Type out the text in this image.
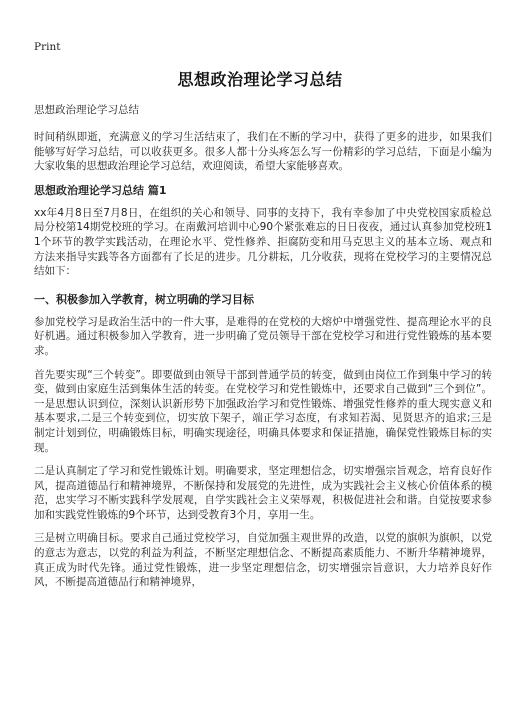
Print
思想政治理论学习总结
思想政治理论学习总结

时间稍纵即逝，充满意义的学习生活结束了，我们在不断的学习中，获得了更多的进步，如果我们能够写好学习总结，可以收获更多。很多人都十分头疼怎么写一份精彩的学习总结，下面是小编为大家收集的思想政治理论学习总结，欢迎阅读，希望大家能够喜欢。

思想政治理论学习总结 篇1

xx年4月8日至7月8日，在组织的关心和领导、同事的支持下，我有幸参加了中央党校国家质检总局分校第14期党校班的学习。在南戴河培训中心90个紧张难忘的日日夜夜，通过认真参加党校班11个环节的教学实践活动，在理论水平、党性修养、拒腐防变和用马克思主义的基本立场、观点和方法来指导实践等各方面都有了长足的进步。几分耕耘，几分收获，现将在党校学习的主要情况总结如下：

一、积极参加入学教育，树立明确的学习目标

参加党校学习是政治生活中的一件大事，是难得的在党校的大熔炉中增强党性、提高理论水平的良好机遇。通过积极参加入学教育，进一步明确了党员领导干部在党校学习和进行党性锻炼的基本要求。

首先要实现“三个转变”。即要做到由领导干部到普通学员的转变，做到由岗位工作到集中学习的转变，做到由家庭生活到集体生活的转变。在党校学习和党性锻炼中，还要求自己做到“三个到位”。一是思想认识到位，深刻认识新形势下加强政治学习和党性锻炼、增强党性修养的重大现实意义和基本要求,二是三个转变到位，切实放下架子，端正学习态度，有求知若渴、见贤思齐的追求;三是制定计划到位，明确锻炼目标，明确实现途径，明确具体要求和保证措施，确保党性锻炼目标的实现。

二是认真制定了学习和党性锻炼计划。明确要求，坚定理想信念，切实增强宗旨观念，培育良好作风，提高道德品行和精神境界，不断保持和发展党的先进性，成为实践社会主义核心价值体系的模范，忠实学习不断实践科学发展观，自学实践社会主义荣辱观，积极促进社会和谐。自觉按要求参加和实践党性锻炼的9个环节，达到受教育3个月，享用一生。

三是树立明确目标。要求自己通过党校学习，自觉加强主观世界的改造，以党的旗帜为旗帜，以党的意志为意志，以党的利益为利益，不断坚定理想信念、不断提高素质能力、不断升华精神境界，真正成为时代先锋。通过党性锻炼，进一步坚定理想信念，切实增强宗旨意识，大力培养良好作风，不断提高道德品行和精神境界，
